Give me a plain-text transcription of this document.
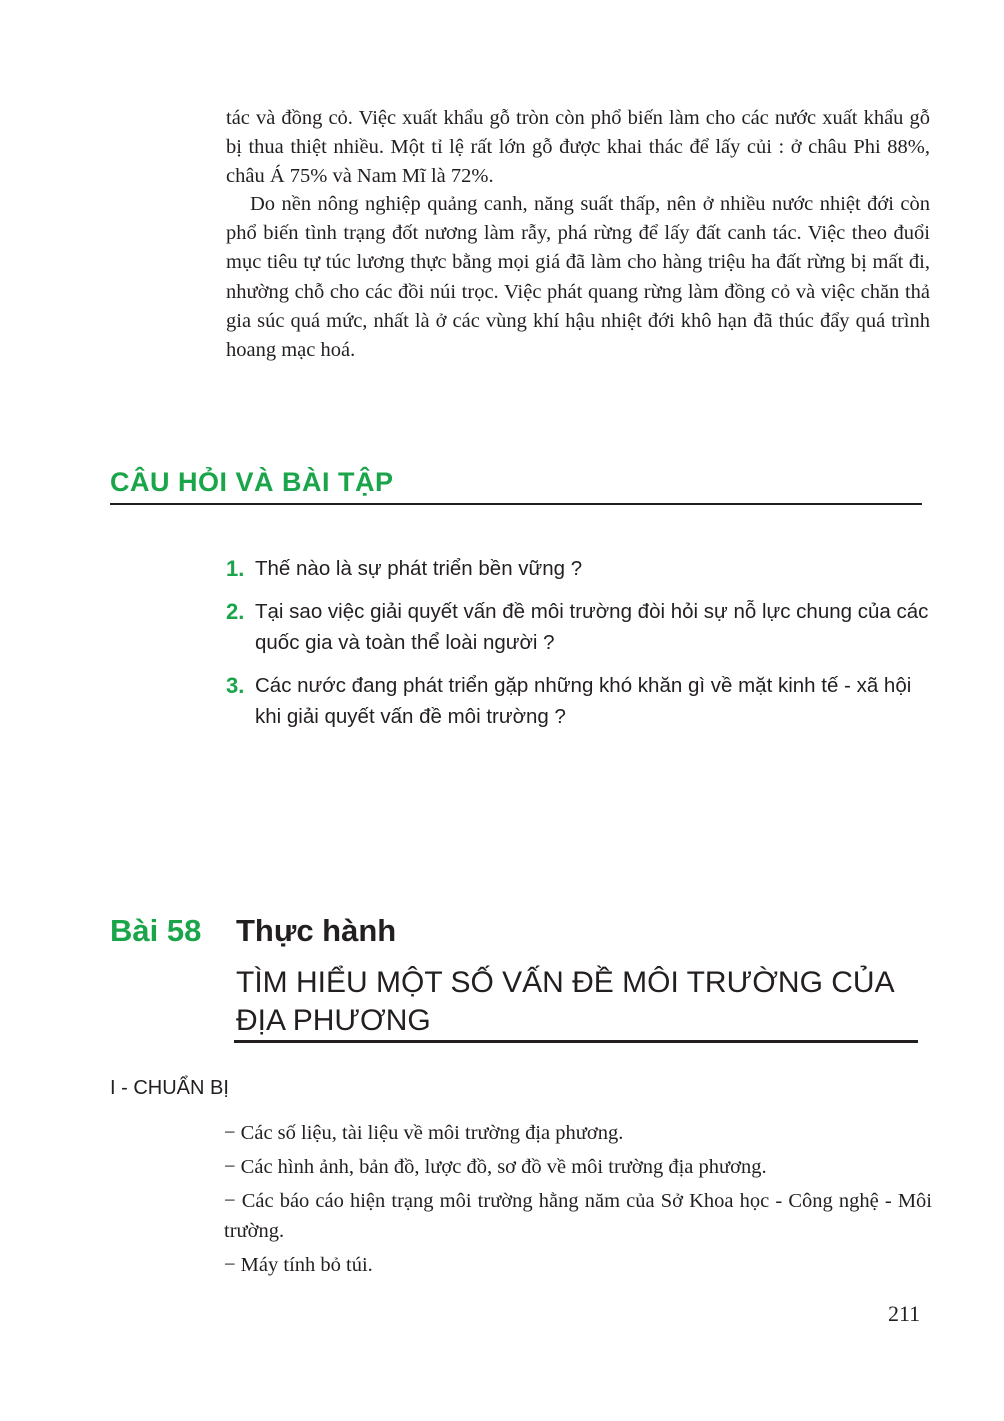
tác và đồng cỏ. Việc xuất khẩu gỗ tròn còn phổ biến làm cho các nước xuất khẩu gỗ bị thua thiệt nhiều. Một tỉ lệ rất lớn gỗ được khai thác để lấy củi : ở châu Phi 88%, châu Á 75% và Nam Mĩ là 72%.
Do nền nông nghiệp quảng canh, năng suất thấp, nên ở nhiều nước nhiệt đới còn phổ biến tình trạng đốt nương làm rẫy, phá rừng để lấy đất canh tác. Việc theo đuổi mục tiêu tự túc lương thực bằng mọi giá đã làm cho hàng triệu ha đất rừng bị mất đi, nhường chỗ cho các đồi núi trọc. Việc phát quang rừng làm đồng cỏ và việc chăn thả gia súc quá mức, nhất là ở các vùng khí hậu nhiệt đới khô hạn đã thúc đẩy quá trình hoang mạc hoá.
CÂU HỎI VÀ BÀI TẬP
1. Thế nào là sự phát triển bền vững ?
2. Tại sao việc giải quyết vấn đề môi trường đòi hỏi sự nỗ lực chung của các quốc gia và toàn thể loài người ?
3. Các nước đang phát triển gặp những khó khăn gì về mặt kinh tế - xã hội khi giải quyết vấn đề môi trường ?
Bài 58 Thực hành
TÌM HIỂU MỘT SỐ VẤN ĐỀ MÔI TRƯỜNG CỦA ĐỊA PHƯƠNG
I - CHUẨN BỊ
− Các số liệu, tài liệu về môi trường địa phương.
− Các hình ảnh, bản đồ, lược đồ, sơ đồ về môi trường địa phương.
− Các báo cáo hiện trạng môi trường hằng năm của Sở Khoa học - Công nghệ - Môi trường.
− Máy tính bỏ túi.
211
